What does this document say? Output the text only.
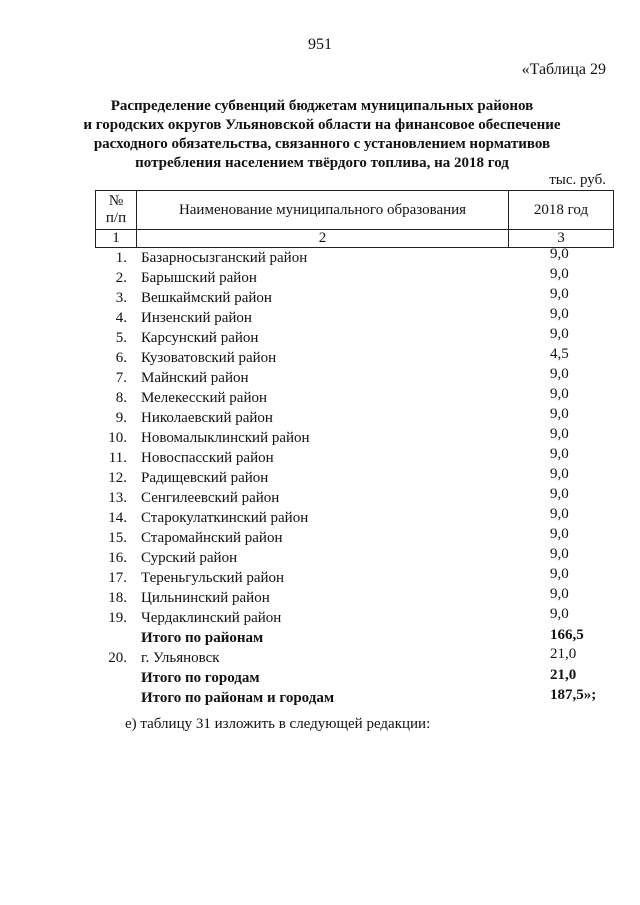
951
«Таблица 29
Распределение субвенций бюджетам муниципальных районов
и городских округов Ульяновской области на финансовое обеспечение
расходного обязательства, связанного с установлением нормативов
потребления населением твёрдого топлива, на 2018 год
тыс. руб.
№
п/п	Наименование муниципального образования	2018 год
1	2	3
1. Базарносызганский район	9,0
2. Барышский район	9,0
3. Вешкаймский район	9,0
4. Инзенский район	9,0
5. Карсунский район	9,0
6. Кузоватовский район	4,5
7. Майнский район	9,0
8. Мелекесский район	9,0
9. Николаевский район	9,0
10. Новомалыклинский район	9,0
11. Новоспасский район	9,0
12. Радищевский район	9,0
13. Сенгилеевский район	9,0
14. Старокулаткинский район	9,0
15. Старомайнский район	9,0
16. Сурский район	9,0
17. Тереньгульский район	9,0
18. Цильнинский район	9,0
19. Чердаклинский район	9,0
Итого по районам	166,5
20. г. Ульяновск	21,0
Итого по городам	21,0
Итого по районам и городам	187,5»;
е) таблицу 31 изложить в следующей редакции:
